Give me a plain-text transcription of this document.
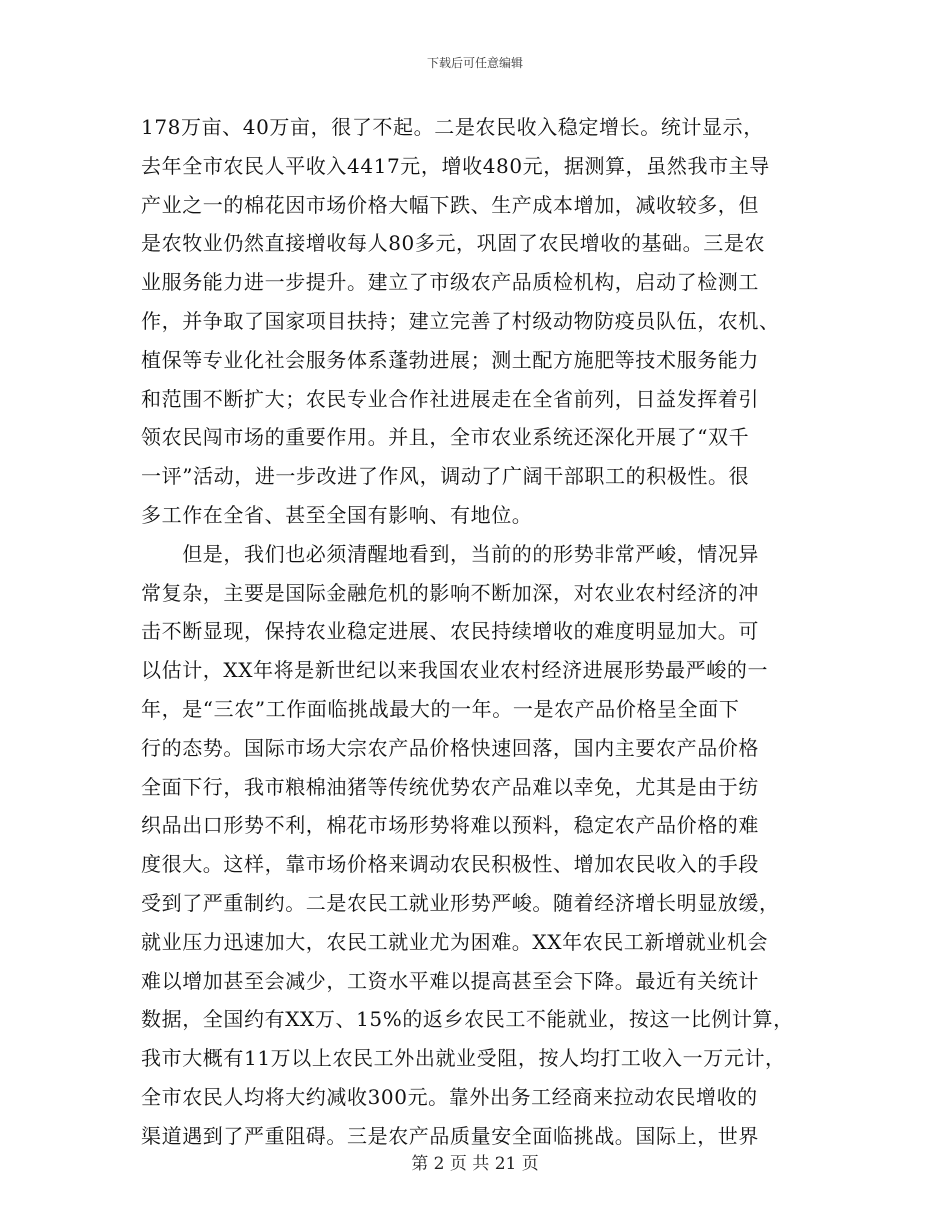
下载后可任意编辑
178万亩、40万亩，很了不起。二是农民收入稳定增长。统计显示，
去年全市农民人平收入4417元，增收480元，据测算，虽然我市主导
产业之一的棉花因市场价格大幅下跌、生产成本增加，减收较多，但
是农牧业仍然直接增收每人80多元，巩固了农民增收的基础。三是农
业服务能力进一步提升。建立了市级农产品质检机构，启动了检测工
作，并争取了国家项目扶持；建立完善了村级动物防疫员队伍，农机、
植保等专业化社会服务体系蓬勃进展；测土配方施肥等技术服务能力
和范围不断扩大；农民专业合作社进展走在全省前列，日益发挥着引
领农民闯市场的重要作用。并且，全市农业系统还深化开展了“双千
一评”活动，进一步改进了作风，调动了广阔干部职工的积极性。很
多工作在全省、甚至全国有影响、有地位。
　　但是，我们也必须清醒地看到，当前的的形势非常严峻，情况异
常复杂，主要是国际金融危机的影响不断加深，对农业农村经济的冲
击不断显现，保持农业稳定进展、农民持续增收的难度明显加大。可
以估计，XX年将是新世纪以来我国农业农村经济进展形势最严峻的一
年，是“三农”工作面临挑战最大的一年。一是农产品价格呈全面下
行的态势。国际市场大宗农产品价格快速回落，国内主要农产品价格
全面下行，我市粮棉油猪等传统优势农产品难以幸免，尤其是由于纺
织品出口形势不利，棉花市场形势将难以预料，稳定农产品价格的难
度很大。这样，靠市场价格来调动农民积极性、增加农民收入的手段
受到了严重制约。二是农民工就业形势严峻。随着经济增长明显放缓，
就业压力迅速加大，农民工就业尤为困难。XX年农民工新增就业机会
难以增加甚至会减少，工资水平难以提高甚至会下降。最近有关统计
数据，全国约有XX万、15%的返乡农民工不能就业，按这一比例计算，
我市大概有11万以上农民工外出就业受阻，按人均打工收入一万元计，
全市农民人均将大约减收300元。靠外出务工经商来拉动农民增收的
渠道遇到了严重阻碍。三是农产品质量安全面临挑战。国际上，世界
第 2 页 共 21 页
